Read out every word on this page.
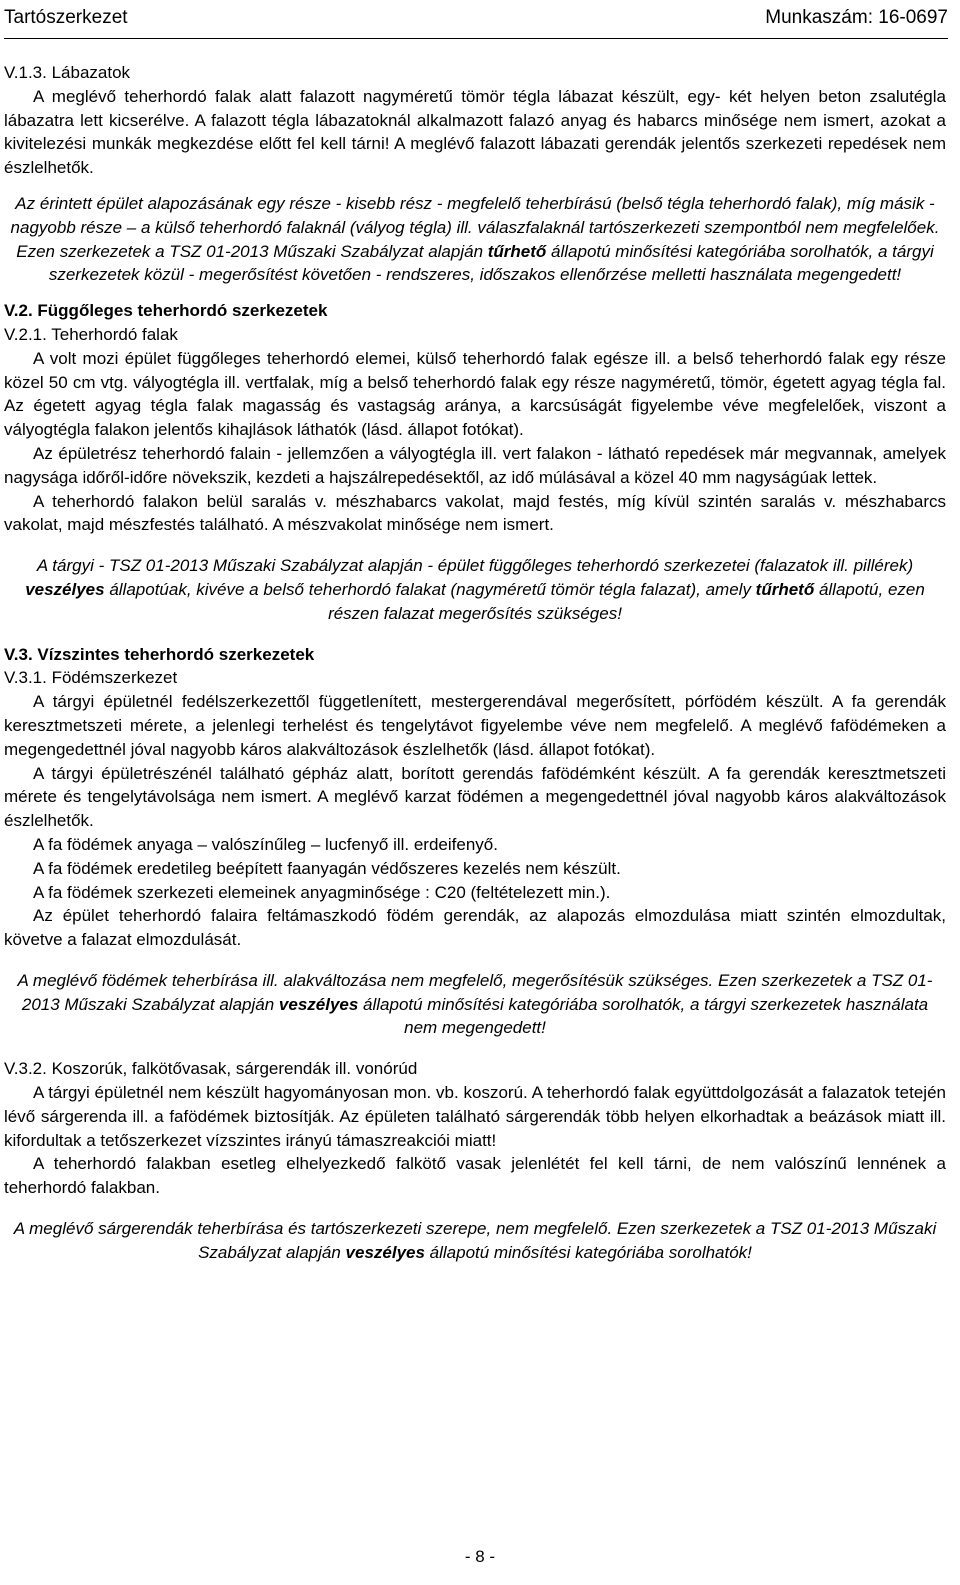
Tartószerkezet	Munkaszám: 16-0697

V.1.3. Lábazatok

A meglévő teherhordó falak alatt falazott nagyméretű tömör tégla lábazat készült, egy- két helyen beton zsalutégla lábazatra lett kicserélve. A falazott tégla lábazatoknál alkalmazott falazó anyag és habarcs minősége nem ismert, azokat a kivitelezési munkák megkezdése előtt fel kell tárni! A meglévő falazott lábazati gerendák jelentős szerkezeti repedések nem észlelhetők.

Az érintett épület alapozásának egy része - kisebb rész - megfelelő teherbírású (belső tégla teherhordó falak), míg másik - nagyobb része – a külső teherhordó falaknál (vályog tégla) ill. válaszfalaknál tartószerkezeti szempontból nem megfelelőek. Ezen szerkezetek a TSZ 01-2013 Műszaki Szabályzat alapján tűrhető állapotú minősítési kategóriába sorolhatók, a tárgyi szerkezetek közül - megerősítést követően - rendszeres, időszakos ellenőrzése melletti használata megengedett!

V.2. Függőleges teherhordó szerkezetek

V.2.1. Teherhordó falak

A volt mozi épület függőleges teherhordó elemei, külső teherhordó falak egésze ill. a belső teherhordó falak egy része közel 50 cm vtg. vályogtégla ill. vertfalak, míg a belső teherhordó falak egy része nagyméretű, tömör, égetett agyag tégla fal. Az égetett agyag tégla falak magasság és vastagság aránya, a karcsúságát figyelembe véve megfelelőek, viszont a vályogtégla falakon jelentős kihajlások láthatók (lásd. állapot fotókat).

Az épületrész teherhordó falain - jellemzően a vályogtégla ill. vert falakon - látható repedések már megvannak, amelyek nagysága időről-időre növekszik, kezdeti a hajszálrepedésektől, az idő múlásával a közel 40 mm nagyságúak lettek.

A teherhordó falakon belül saralás v. mészhabarcs vakolat, majd festés, míg kívül szintén saralás v. mészhabarcs vakolat, majd mészfestés található. A mészvakolat minősége nem ismert.

A tárgyi - TSZ 01-2013 Műszaki Szabályzat alapján - épület függőleges teherhordó szerkezetei (falazatok ill. pillérek) veszélyes állapotúak, kivéve a belső teherhordó falakat (nagyméretű tömör tégla falazat), amely tűrhető állapotú, ezen részen falazat megerősítés szükséges!

V.3. Vízszintes teherhordó szerkezetek

V.3.1. Födémszerkezet

A tárgyi épületnél fedélszerkezettől függetlenített, mestergerendával megerősített, pórfödém készült. A fa gerendák keresztmetszeti mérete, a jelenlegi terhelést és tengelytávot figyelembe véve nem megfelelő. A meglévő fafödémeken a megengedettnél jóval nagyobb káros alakváltozások észlelhetők (lásd. állapot fotókat).

A tárgyi épületrészénél található gépház alatt, borított gerendás fafödémként készült. A fa gerendák keresztmetszeti mérete és tengelytávolsága nem ismert. A meglévő karzat födémen a megengedettnél jóval nagyobb káros alakváltozások észlelhetők.

A fa födémek anyaga – valószínűleg – lucfenyő ill. erdeifenyő.

A fa födémek eredetileg beépített faanyagán védőszeres kezelés nem készült.

A fa födémek szerkezeti elemeinek anyagminősége : C20 (feltételezett min.).

Az épület teherhordó falaira feltámaszkodó födém gerendák, az alapozás elmozdulása miatt szintén elmozdultak, követve a falazat elmozdulását.

A meglévő födémek teherbírása ill. alakváltozása nem megfelelő, megerősítésük szükséges. Ezen szerkezetek a TSZ 01-2013 Műszaki Szabályzat alapján veszélyes állapotú minősítési kategóriába sorolhatók, a tárgyi szerkezetek használata nem megengedett!

V.3.2. Koszorúk, falkötővasak, sárgerendák ill. vonórúd

A tárgyi épületnél nem készült hagyományosan mon. vb. koszorú. A teherhordó falak együttdolgozását a falazatok tetején lévő sárgerenda ill. a fafödémek biztosítják. Az épületen található sárgerendák több helyen elkorhadtak a beázások miatt ill. kifordultak a tetőszerkezet vízszintes irányú támaszreakciói miatt!

A teherhordó falakban esetleg elhelyezkedő falkötő vasak jelenlétét fel kell tárni, de nem valószínű lennének a teherhordó falakban.

A meglévő sárgerendák teherbírása és tartószerkezeti szerepe, nem megfelelő. Ezen szerkezetek a TSZ 01-2013 Műszaki Szabályzat alapján veszélyes állapotú minősítési kategóriába sorolhatók!

- 8 -
